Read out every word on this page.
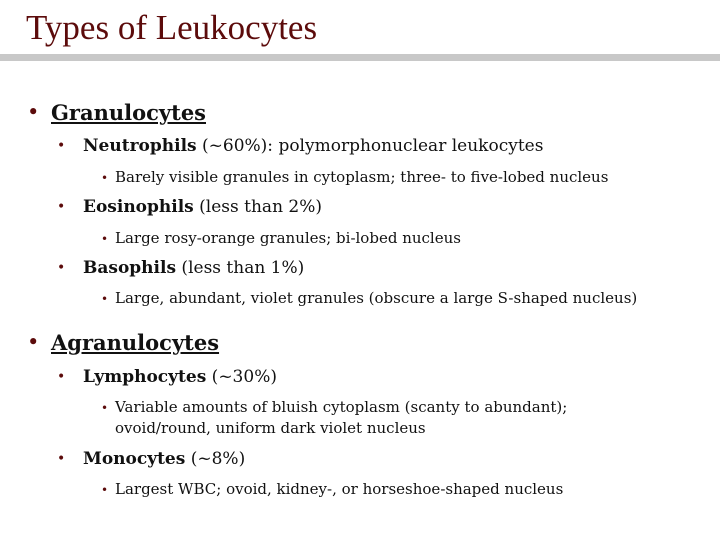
Types of Leukocytes
• Granulocytes
• Neutrophils (~60%): polymorphonuclear leukocytes
• Barely visible granules in cytoplasm; three- to five-lobed nucleus
• Eosinophils (less than 2%)
• Large rosy-orange granules; bi-lobed nucleus
• Basophils (less than 1%)
• Large, abundant, violet granules (obscure a large S-shaped nucleus)
• Agranulocytes
• Lymphocytes (~30%)
• Variable amounts of bluish cytoplasm (scanty to abundant);
ovoid/round, uniform dark violet nucleus
• Monocytes (~8%)
• Largest WBC; ovoid, kidney-, or horseshoe-shaped nucleus
